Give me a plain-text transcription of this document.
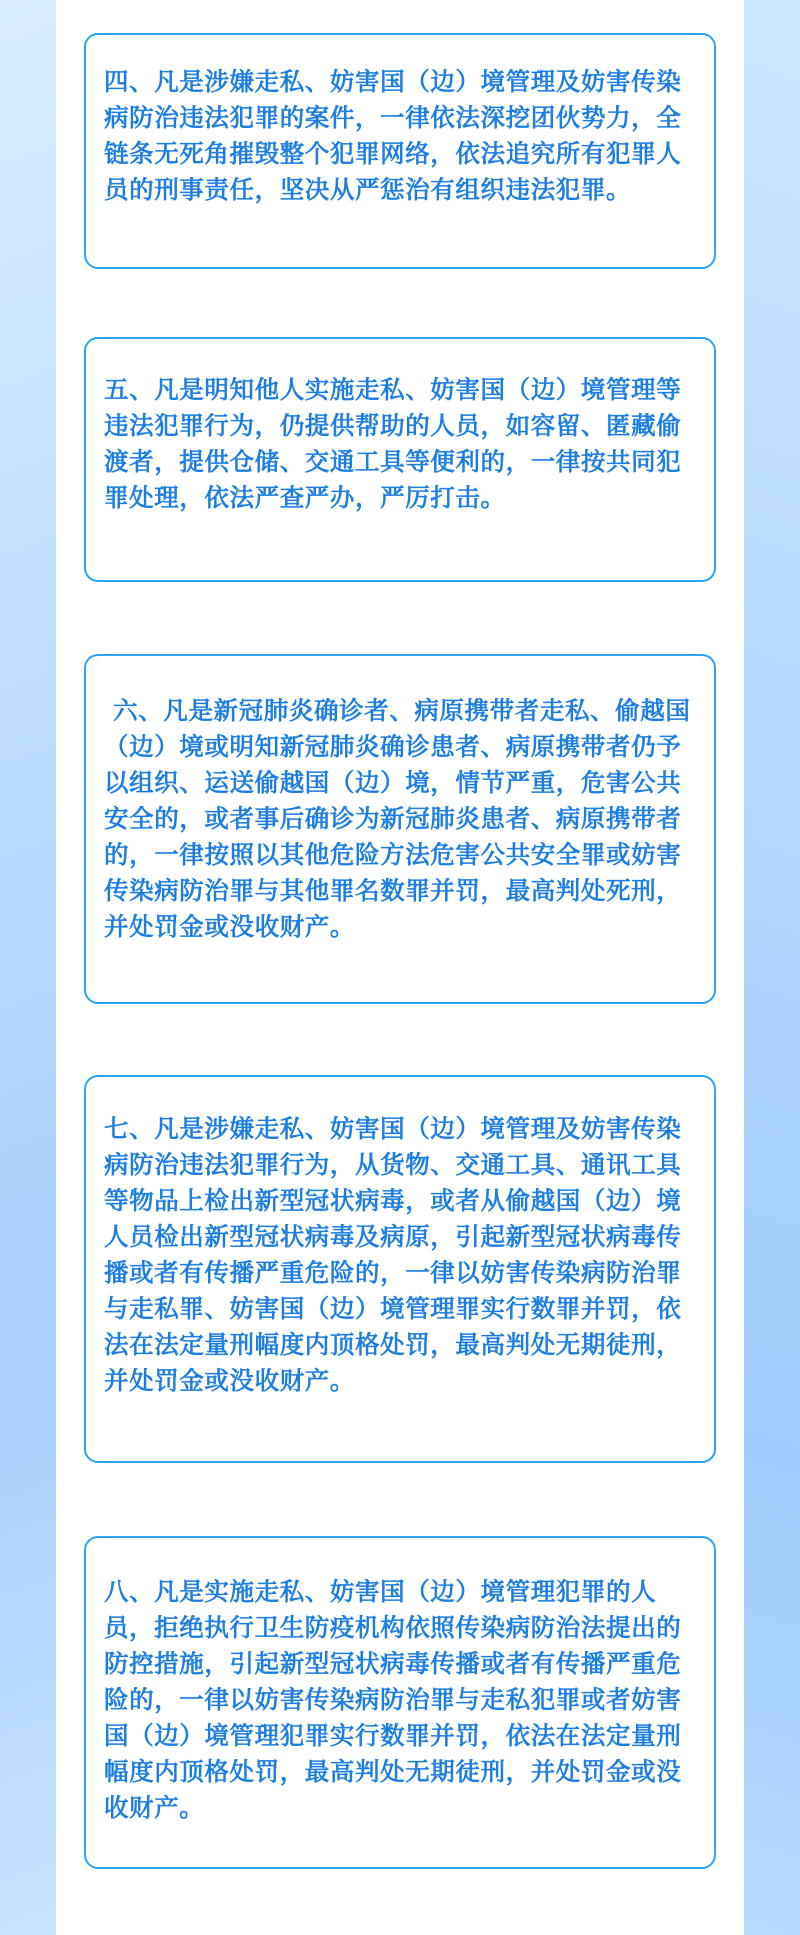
四、凡是涉嫌走私、妨害国（边）境管理及妨害传染病防治违法犯罪的案件，一律依法深挖团伙势力，全链条无死角摧毁整个犯罪网络，依法追究所有犯罪人员的刑事责任，坚决从严惩治有组织违法犯罪。

五、凡是明知他人实施走私、妨害国（边）境管理等违法犯罪行为，仍提供帮助的人员，如容留、匿藏偷渡者，提供仓储、交通工具等便利的，一律按共同犯罪处理，依法严查严办，严厉打击。

六、凡是新冠肺炎确诊者、病原携带者走私、偷越国（边）境或明知新冠肺炎确诊患者、病原携带者仍予以组织、运送偷越国（边）境，情节严重，危害公共安全的，或者事后确诊为新冠肺炎患者、病原携带者的，一律按照以其他危险方法危害公共安全罪或妨害传染病防治罪与其他罪名数罪并罚，最高判处死刑，并处罚金或没收财产。

七、凡是涉嫌走私、妨害国（边）境管理及妨害传染病防治违法犯罪行为，从货物、交通工具、通讯工具等物品上检出新型冠状病毒，或者从偷越国（边）境人员检出新型冠状病毒及病原，引起新型冠状病毒传播或者有传播严重危险的，一律以妨害传染病防治罪与走私罪、妨害国（边）境管理罪实行数罪并罚，依法在法定量刑幅度内顶格处罚，最高判处无期徒刑，并处罚金或没收财产。

八、凡是实施走私、妨害国（边）境管理犯罪的人员，拒绝执行卫生防疫机构依照传染病防治法提出的防控措施，引起新型冠状病毒传播或者有传播严重危险的，一律以妨害传染病防治罪与走私犯罪或者妨害国（边）境管理犯罪实行数罪并罚，依法在法定量刑幅度内顶格处罚，最高判处无期徒刑，并处罚金或没收财产。
